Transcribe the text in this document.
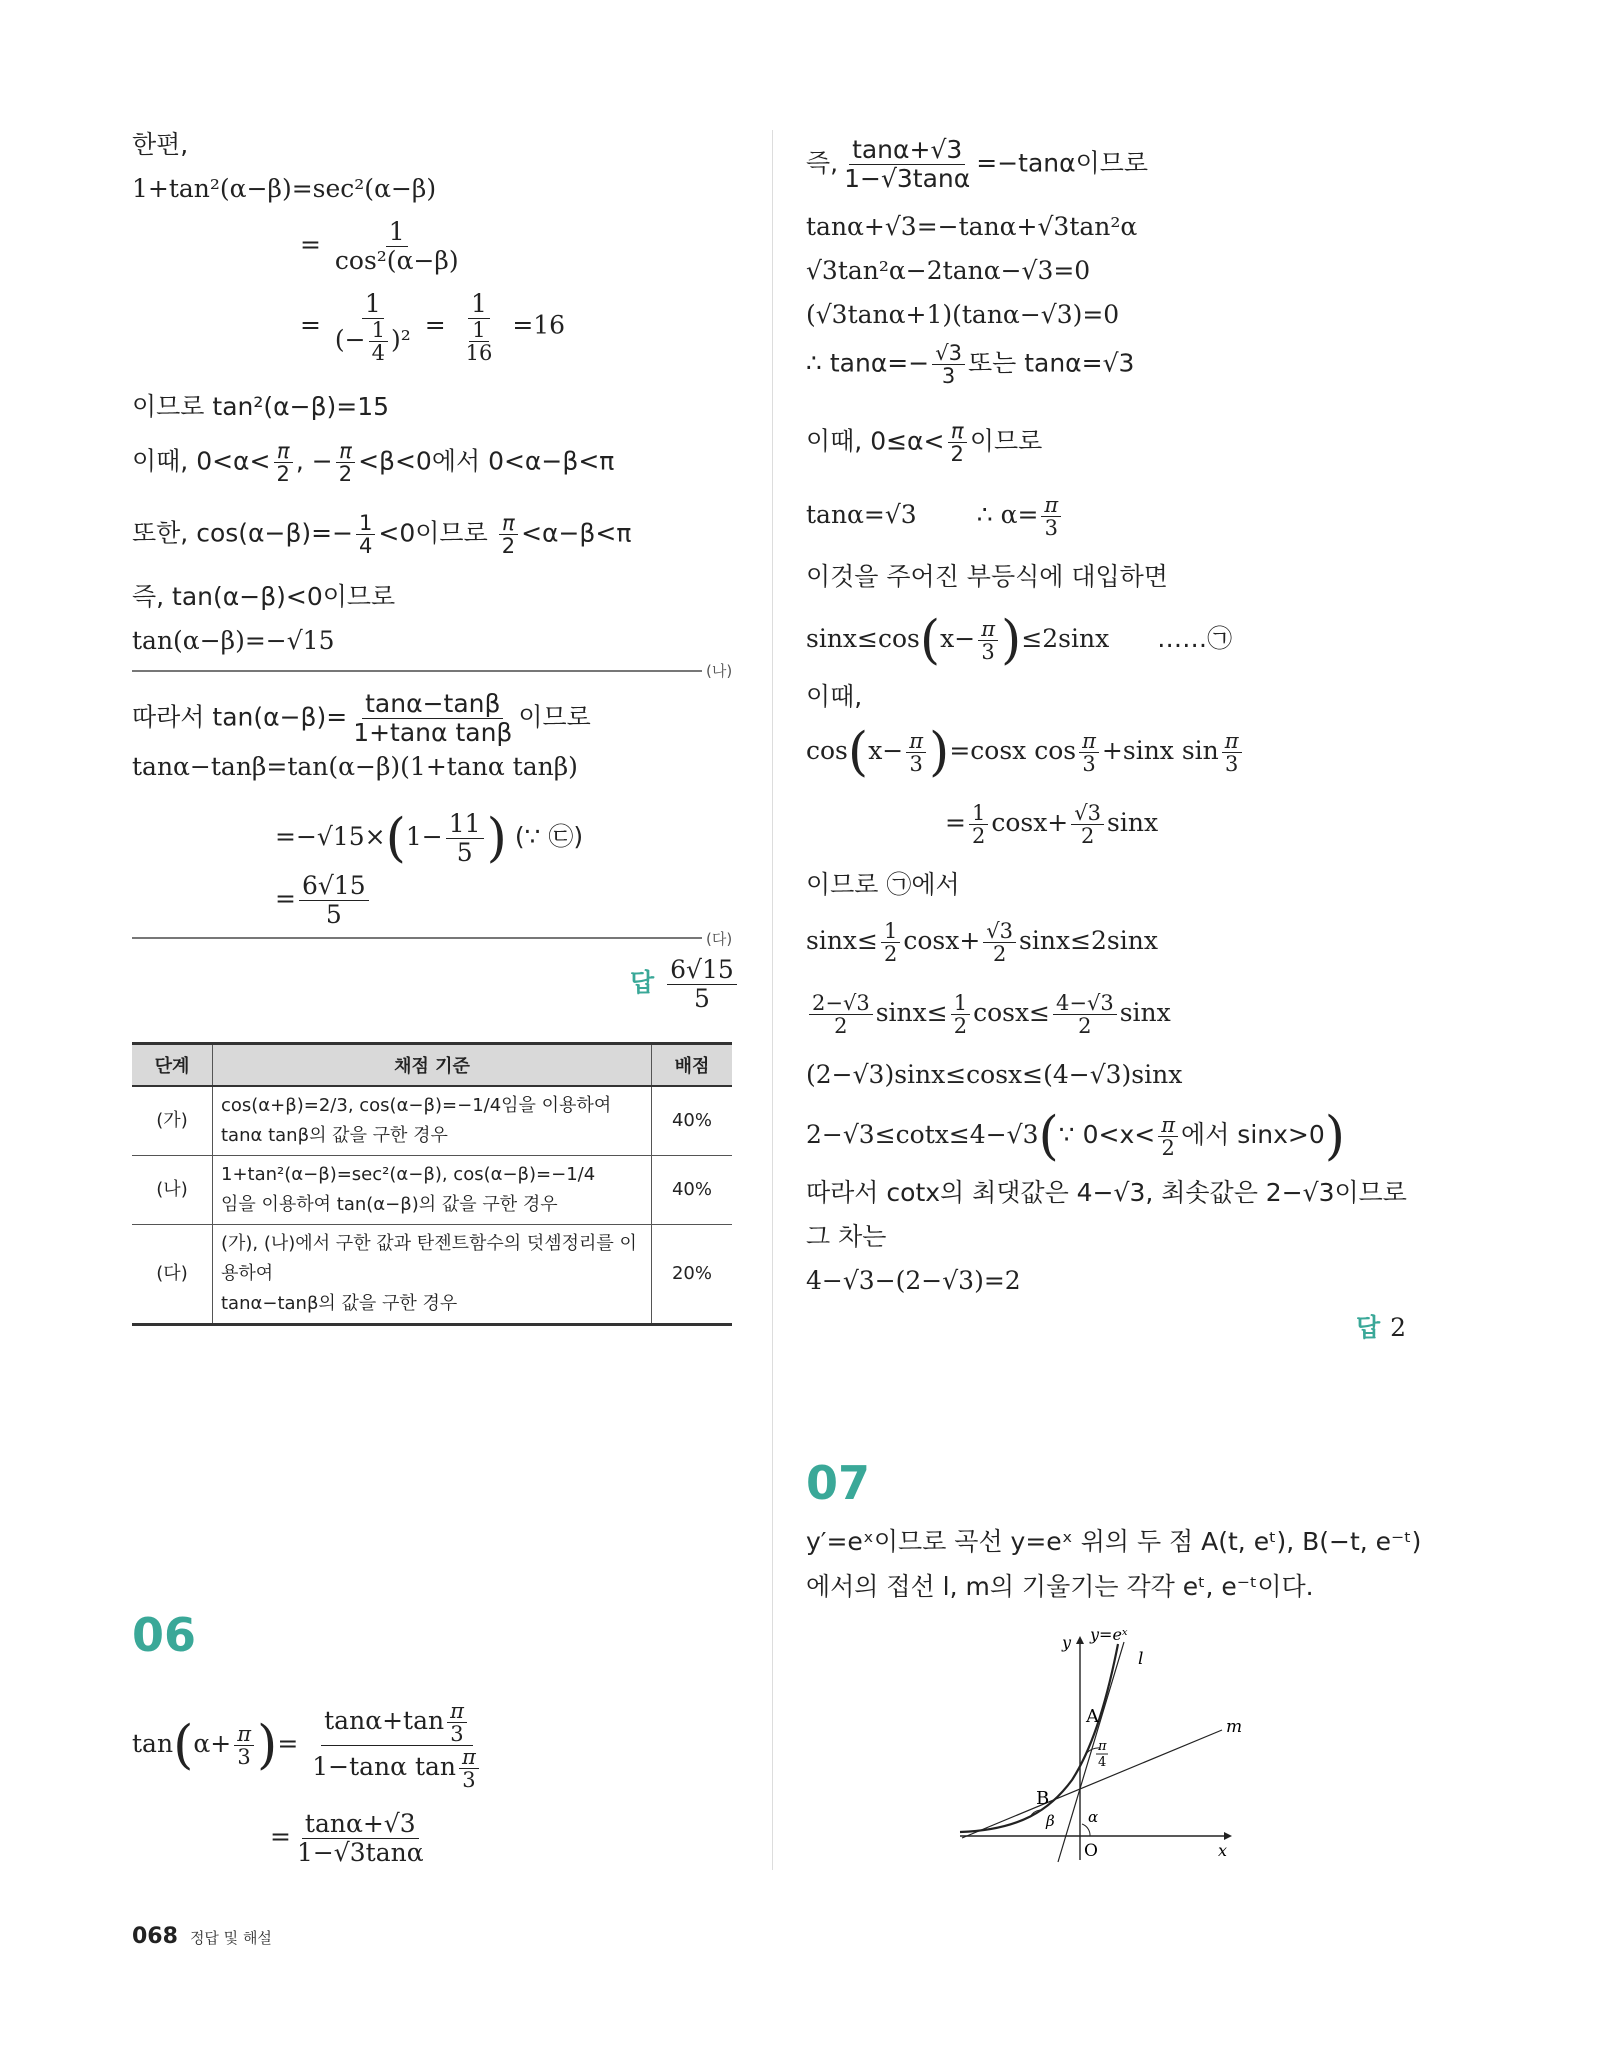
한편,
1+tan²(α−β)=sec²(α−β)
= $\frac{1}{\text{cos²(α−β)}}$
= $\frac{1}{(- \frac{1}{4} )^2} = \frac{1}{\frac{1}{16}} =16$
이므로 tan²(α−β)=15
이때, $0<\alpha< \frac{\pi}{2}$ , − $\frac{\pi}{2} <\beta<0$에서 0<α−β<π
또한, $\cos(\alpha-\beta)=- \frac{1}{4} <0$이므로 $\frac{\pi}{2} <\alpha-\beta<\pi$
즉, tan(α−β)<0이므로
tan(α−β)=−√15
(나)
따라서 $\tan(\alpha-\beta)= \frac{\tan\alpha-\tan\beta}{\text{1+tanα tanβ}}$ 이므로
tanα−tanβ=tan(α−β)(1+tanα tanβ)
$=-√15\times(1- \frac{11}{5}$ ) (∵ ㉢)
= $\frac{6√15}{5}$
(다)
답 $\frac{6√15}{5}$
단계	채점 기준	배점
(가)	cos(α+β)=2/3, cos(α−β)=−1/4임을 이용하여
tanα tanβ의 값을 구한 경우	40%
(나)	1+tan²(α−β)=sec²(α−β), cos(α−β)=−1/4
임을 이용하여 tan(α−β)의 값을 구한 경우	40%
(다)	(가), (나)에서 구한 값과 탄젠트함수의 덧셈정리를 이용하여
tanα−tanβ의 값을 구한 경우	20%
06
$\tan(\alpha+ \frac{\pi}{3}$ )= $\frac{\tan\alpha+\tan \frac{\pi}{3}}{1-\tan\alpha \tan \frac{\pi}{3}}$
= $\frac{\tan\alpha+√3}{1-√3\tan\alpha}$
즉, $\frac{\tan\alpha+√3}{1-√3\tan\alpha} =-\tan\alpha$이므로
tanα+√3=−tanα+√3tan²α
√3tan²α−2tanα−√3=0
(√3tanα+1)(tanα−√3)=0
∴ $\tan\alpha=- \frac{√3}{3}$ 또는 tanα=√3
이때, $0\le\alpha< \frac{\pi}{2}$ 이므로
tanα=√3 ∴ $\alpha= \frac{\pi}{3}$
이것을 주어진 부등식에 대입하면
$\sin x\le\cos(x- \frac{\pi}{3} )\le 2\sin x$ ……㉠
이때,
$\cos(x- \frac{\pi}{3} )=\cos x$ $\cos \frac{\pi}{3} +\sin x$ $\sin \frac{\pi}{3}$
= $\frac{1}{2} \cos x+ \frac{√3}{2}$ sinx
이므로 ㉠에서
$\sin x\le \frac{1}{2} \cos x+ \frac{√3}{2} \sin x\le 2\sin x$
$\frac{2-√3}{2} \sin x\le \frac{1}{2} \cos x\le \frac{4-√3}{2}$ sinx
(2−√3)sinx≤cosx≤(4−√3)sinx
2−√3≤cotx≤4−√3(∵ $0<x< \frac{\pi}{2}$ 에서 sinx>0)
따라서 cotx의 최댓값은 4−√3, 최솟값은 2−√3이므로
그 차는
4−√3−(2−√3)=2
답 2
07
y′=eˣ이므로 곡선 y=eˣ 위의 두 점 A(t, eᵗ), B(−t, e⁻ᵗ)
에서의 접선 l, m의 기울기는 각각 eᵗ, e⁻ᵗ이다.
y y=eˣ
l
m
A
B
O	x
α
β
π
4
068 정답 및 해설
